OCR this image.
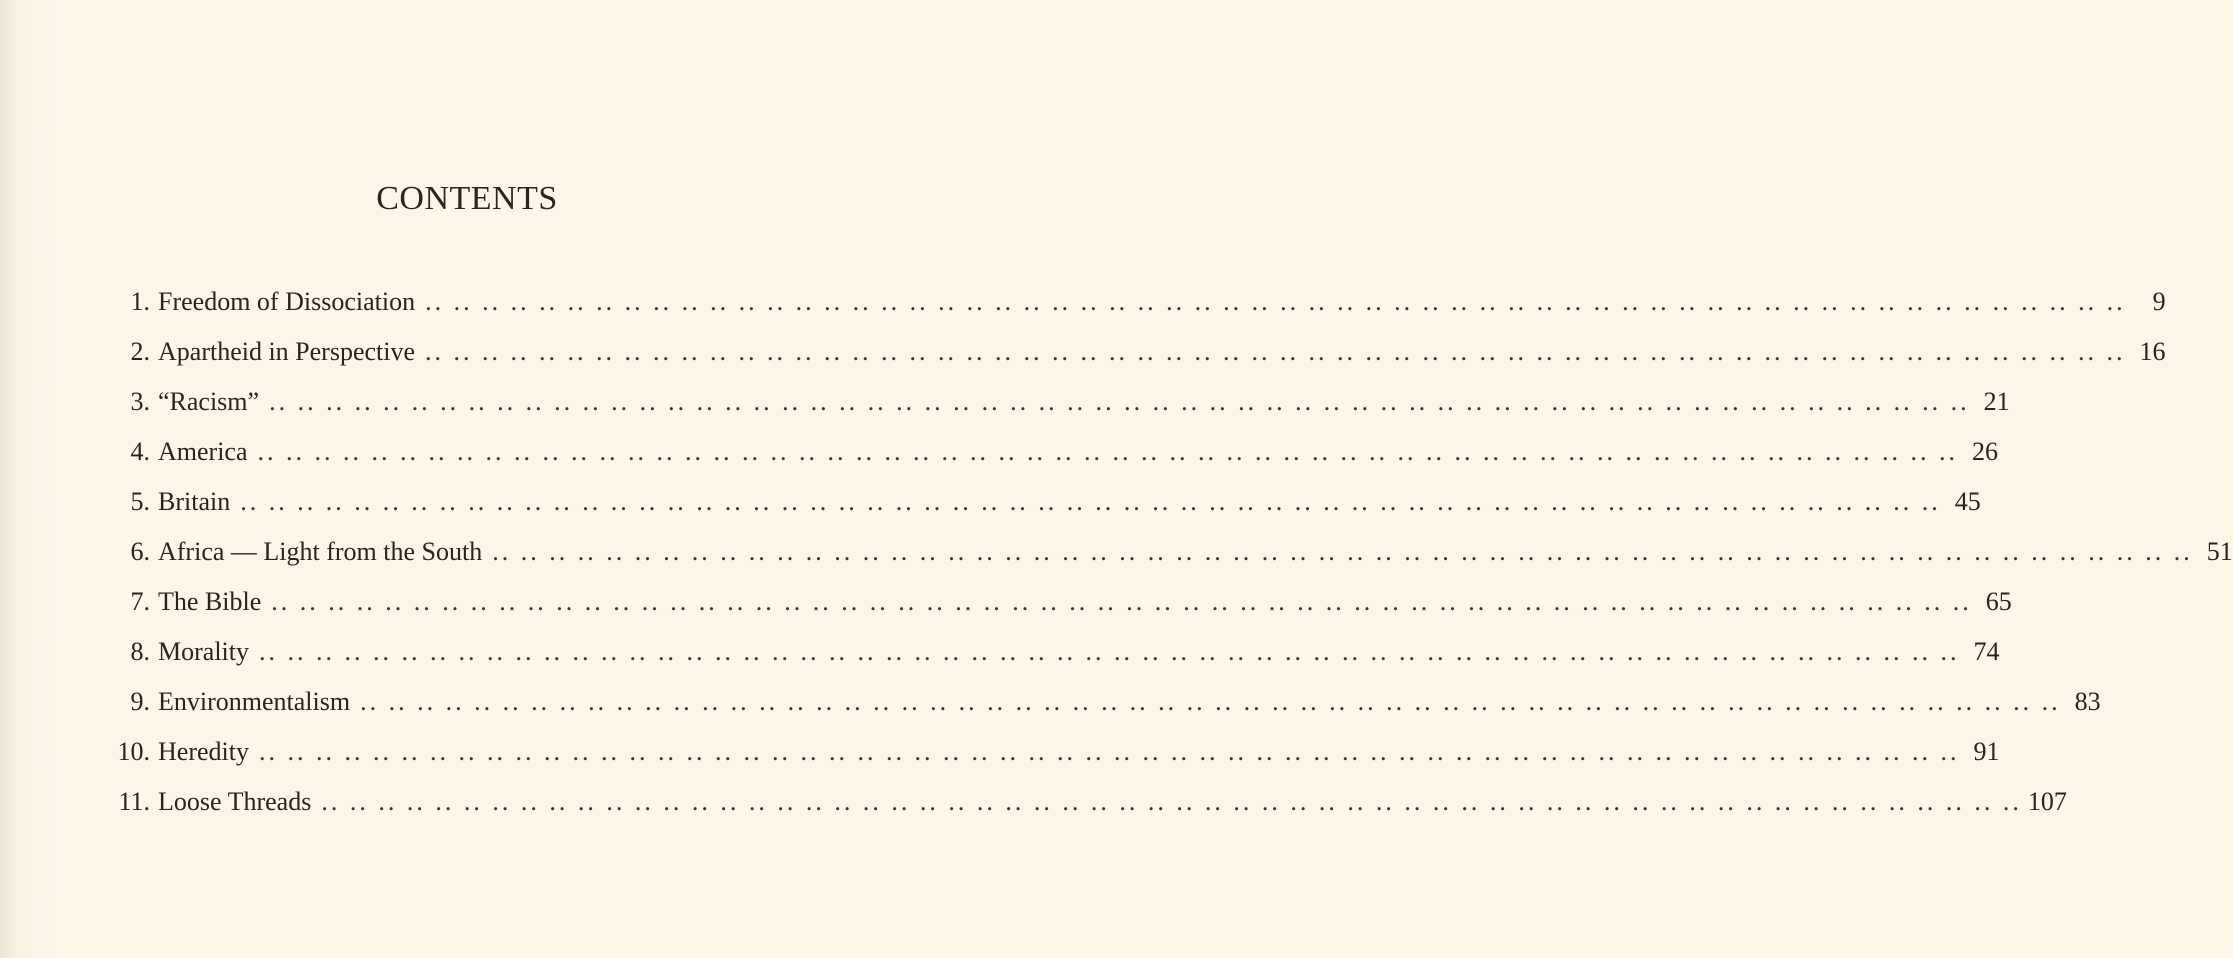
CONTENTS
1. Freedom of Dissociation .. .. .. .. .. .. .. .. .. .. .. .. .. .. .. .. .. .. .. .. .. .. .. .. .. .. .. .. .. .. .. .. .. .. .. .. .. .. .. .. .. .. .. .. .. .. .. .. .. .. .. .. .. .. .. .. .. .. .. ..	9
2. Apartheid in Perspective .. .. .. .. .. .. .. .. .. .. .. .. .. .. .. .. .. .. .. .. .. .. .. .. .. .. .. .. .. .. .. .. .. .. .. .. .. .. .. .. .. .. .. .. .. .. .. .. .. .. .. .. .. .. .. .. .. .. .. .. 16
3. “Racism” .. .. .. .. .. .. .. .. .. .. .. .. .. .. .. .. .. .. .. .. .. .. .. .. .. .. .. .. .. .. .. .. .. .. .. .. .. .. .. .. .. .. .. .. .. .. .. .. .. .. .. .. .. .. .. .. .. .. .. .. 21
4. America .. .. .. .. .. .. .. .. .. .. .. .. .. .. .. .. .. .. .. .. .. .. .. .. .. .. .. .. .. .. .. .. .. .. .. .. .. .. .. .. .. .. .. .. .. .. .. .. .. .. .. .. .. .. .. .. .. .. .. .. 26
5. Britain .. .. .. .. .. .. .. .. .. .. .. .. .. .. .. .. .. .. .. .. .. .. .. .. .. .. .. .. .. .. .. .. .. .. .. .. .. .. .. .. .. .. .. .. .. .. .. .. .. .. .. .. .. .. .. .. .. .. .. .. 45
6. Africa — Light from the South .. .. .. .. .. .. .. .. .. .. .. .. .. .. .. .. .. .. .. .. .. .. .. .. .. .. .. .. .. .. .. .. .. .. .. .. .. .. .. .. .. .. .. .. .. .. .. .. .. .. .. .. .. .. .. .. .. .. .. .. 51
7. The Bible .. .. .. .. .. .. .. .. .. .. .. .. .. .. .. .. .. .. .. .. .. .. .. .. .. .. .. .. .. .. .. .. .. .. .. .. .. .. .. .. .. .. .. .. .. .. .. .. .. .. .. .. .. .. .. .. .. .. .. .. 65
8. Morality .. .. .. .. .. .. .. .. .. .. .. .. .. .. .. .. .. .. .. .. .. .. .. .. .. .. .. .. .. .. .. .. .. .. .. .. .. .. .. .. .. .. .. .. .. .. .. .. .. .. .. .. .. .. .. .. .. .. .. .. 74
9. Environmentalism .. .. .. .. .. .. .. .. .. .. .. .. .. .. .. .. .. .. .. .. .. .. .. .. .. .. .. .. .. .. .. .. .. .. .. .. .. .. .. .. .. .. .. .. .. .. .. .. .. .. .. .. .. .. .. .. .. .. .. .. 83
10. Heredity .. .. .. .. .. .. .. .. .. .. .. .. .. .. .. .. .. .. .. .. .. .. .. .. .. .. .. .. .. .. .. .. .. .. .. .. .. .. .. .. .. .. .. .. .. .. .. .. .. .. .. .. .. .. .. .. .. .. .. .. 91
11. Loose Threads .. .. .. .. .. .. .. .. .. .. .. .. .. .. .. .. .. .. .. .. .. .. .. .. .. .. .. .. .. .. .. .. .. .. .. .. .. .. .. .. .. .. .. .. .. .. .. .. .. .. .. .. .. .. .. .. .. .. .. .. 107
